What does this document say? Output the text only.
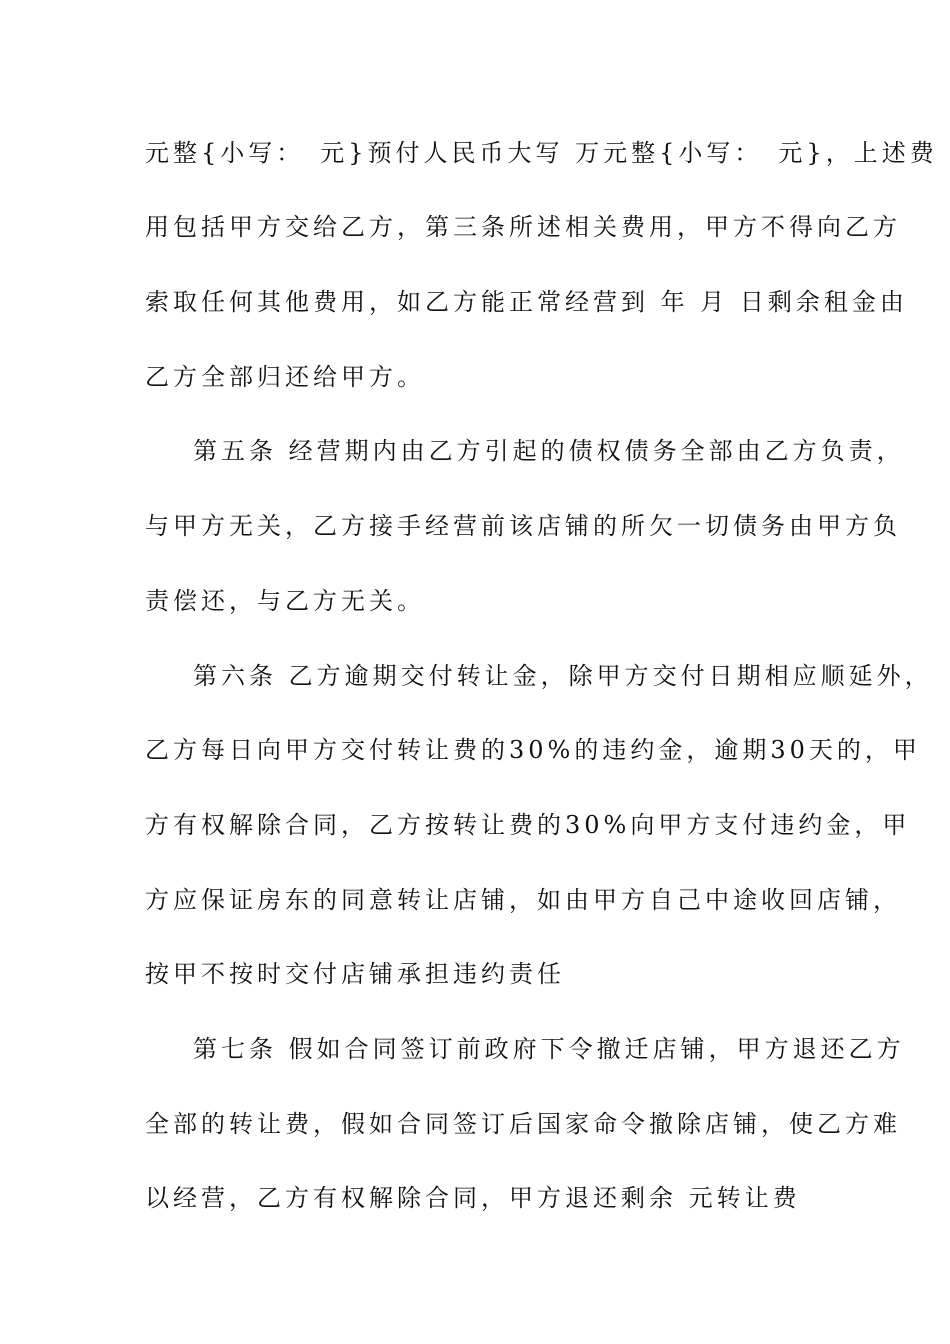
元整{小写：　元}预付人民币大写 万元整{小写：　元}，上述费
用包括甲方交给乙方，第三条所述相关费用，甲方不得向乙方
索取任何其他费用，如乙方能正常经营到 年 月 日剩余租金由
乙方全部归还给甲方。
第五条 经营期内由乙方引起的债权债务全部由乙方负责，
与甲方无关，乙方接手经营前该店铺的所欠一切债务由甲方负
责偿还，与乙方无关。
第六条 乙方逾期交付转让金，除甲方交付日期相应顺延外，
乙方每日向甲方交付转让费的30%的违约金，逾期30天的，甲
方有权解除合同，乙方按转让费的30%向甲方支付违约金，甲
方应保证房东的同意转让店铺，如由甲方自己中途收回店铺，
按甲不按时交付店铺承担违约责任
第七条 假如合同签订前政府下令撤迁店铺，甲方退还乙方
全部的转让费，假如合同签订后国家命令撤除店铺，使乙方难
以经营，乙方有权解除合同，甲方退还剩余 元转让费
